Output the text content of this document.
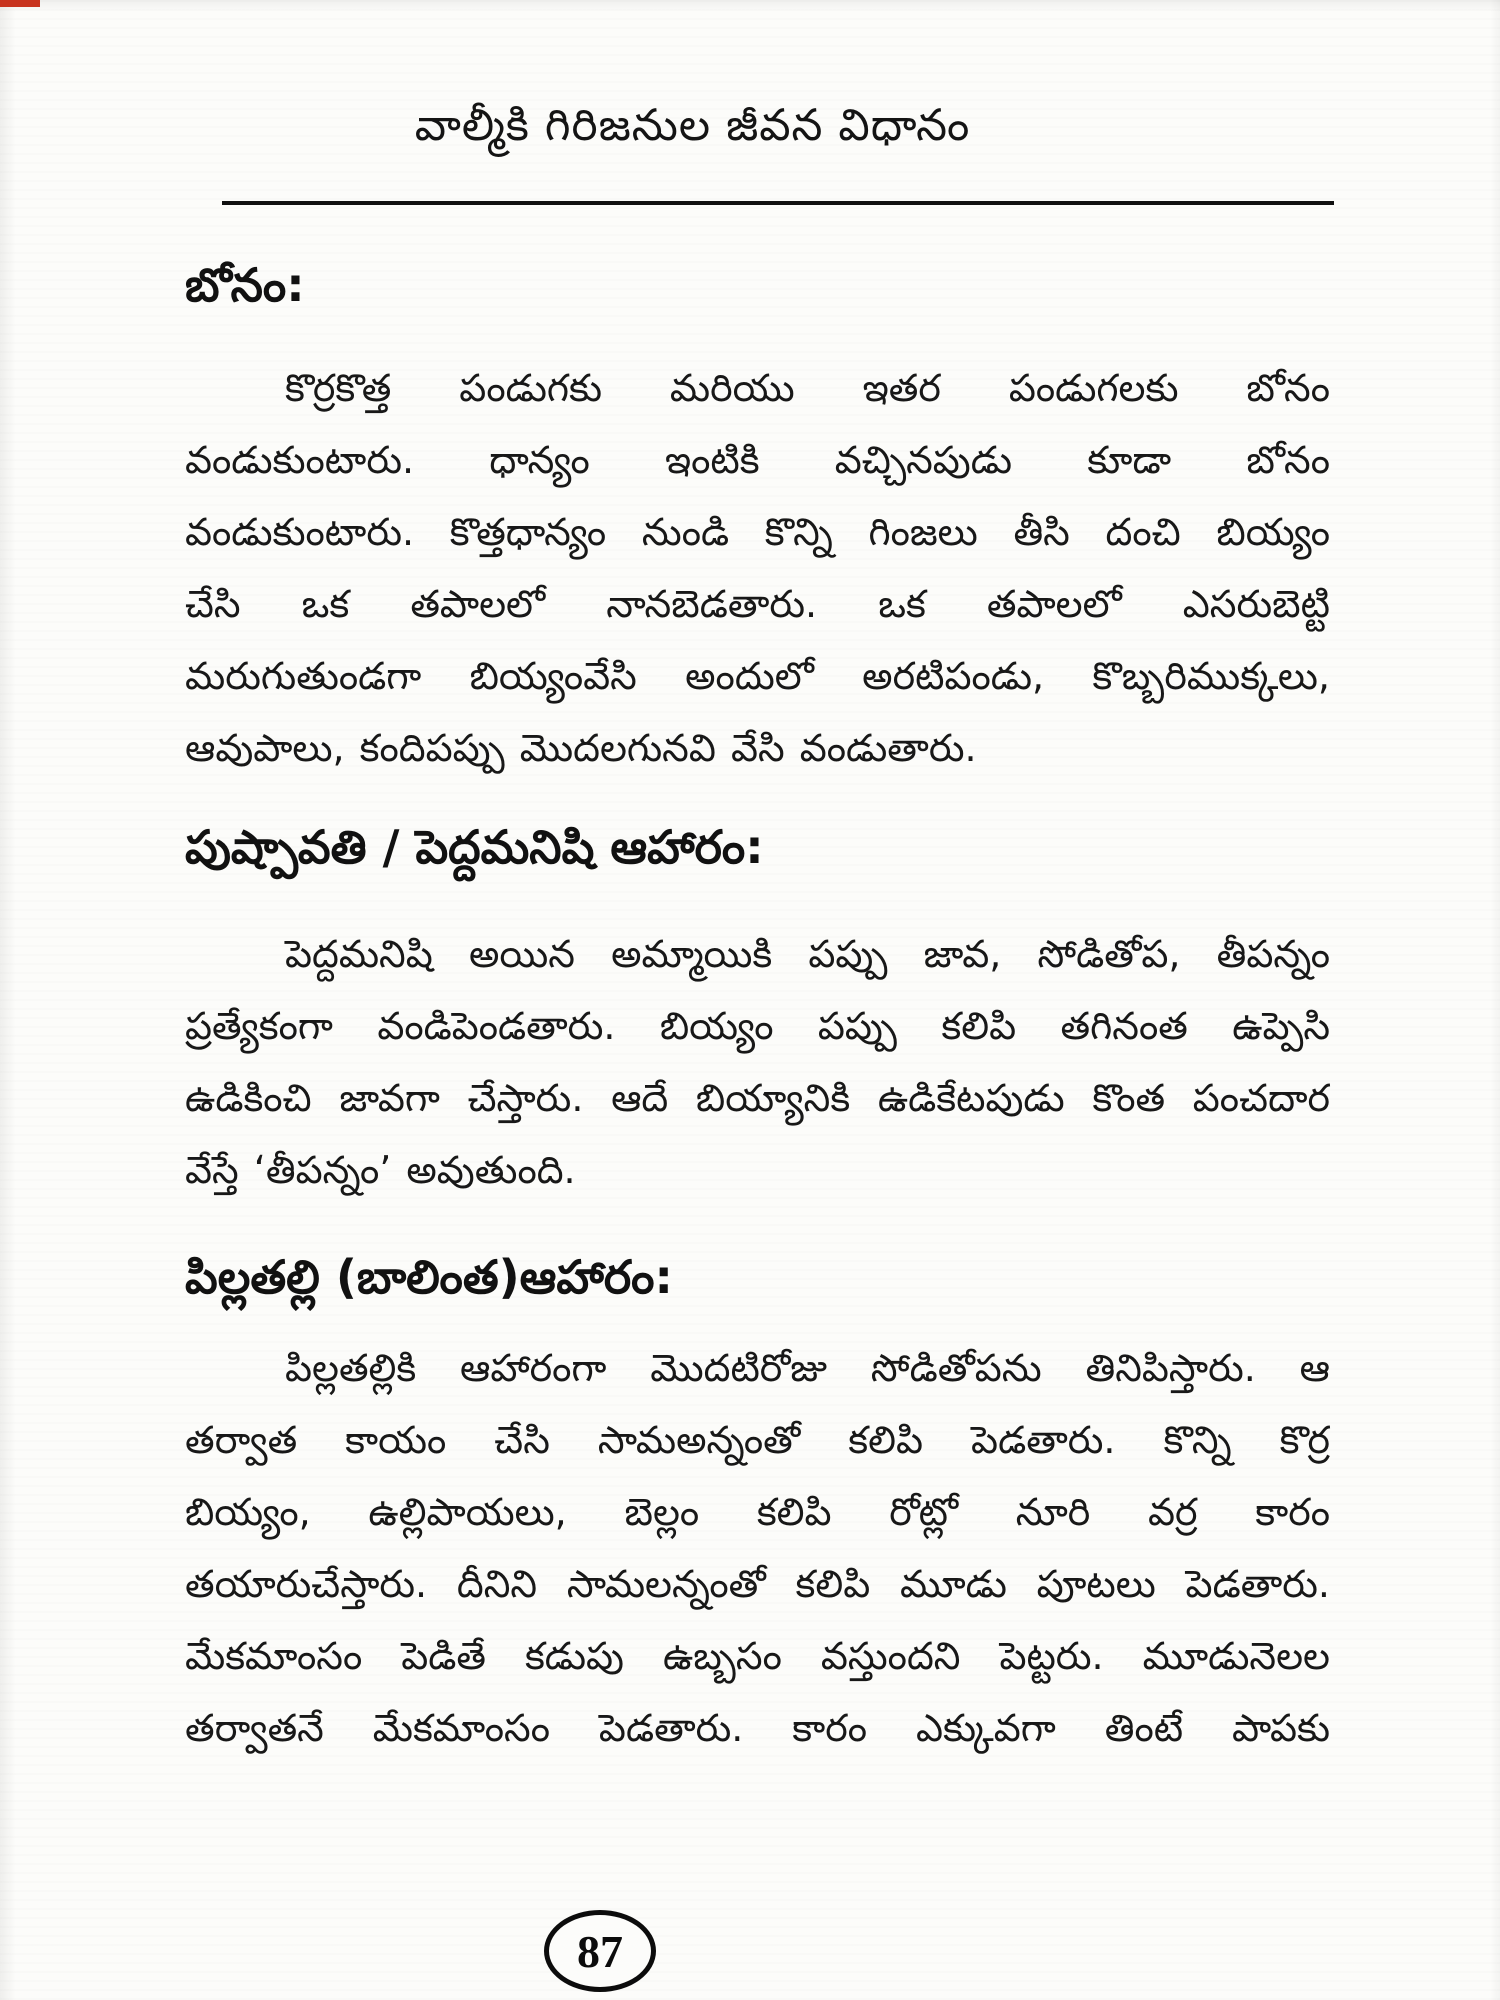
వాల్మీకి గిరిజనుల జీవన విధానం
బోనం:
కొర్రకొత్త పండుగకు మరియు ఇతర పండుగలకు బోనం
వండుకుంటారు. ధాన్యం ఇంటికి వచ్చినపుడు కూడా బోనం
వండుకుంటారు. కొత్తధాన్యం నుండి కొన్ని గింజలు తీసి దంచి బియ్యం
చేసి ఒక తపాలలో నానబెడతారు. ఒక తపాలలో ఎసరుబెట్టి
మరుగుతుండగా బియ్యంవేసి అందులో అరటిపండు, కొబ్బరిముక్కలు,
ఆవుపాలు, కందిపప్పు మొదలగునవి వేసి వండుతారు.
పుష్పావతి / పెద్దమనిషి ఆహారం:
పెద్దమనిషి అయిన అమ్మాయికి పప్పు జావ, సోడితోప, తీపన్నం
ప్రత్యేకంగా వండిపెండతారు. బియ్యం పప్పు కలిపి తగినంత ఉప్పెసి
ఉడికించి జావగా చేస్తారు. ఆదే బియ్యానికి ఉడికేటపుడు కొంత పంచదార
వేస్తే ‘తీపన్నం’ అవుతుంది.
పిల్లతల్లి (బాలింత)ఆహారం:
పిల్లతల్లికి ఆహారంగా మొదటిరోజు సోడితోపను తినిపిస్తారు. ఆ
తర్వాత కాయం చేసి సామఅన్నంతో కలిపి పెడతారు. కొన్ని కొర్ర
బియ్యం, ఉల్లిపాయలు, బెల్లం కలిపి రోట్లో నూరి వర్ర కారం
తయారుచేస్తారు. దీనిని సామలన్నంతో కలిపి మూడు పూటలు పెడతారు.
మేకమాంసం పెడితే కడుపు ఉబ్బసం వస్తుందని పెట్టరు. మూడునెలల
తర్వాతనే మేకమాంసం పెడతారు. కారం ఎక్కువగా తింటే పాపకు
87
